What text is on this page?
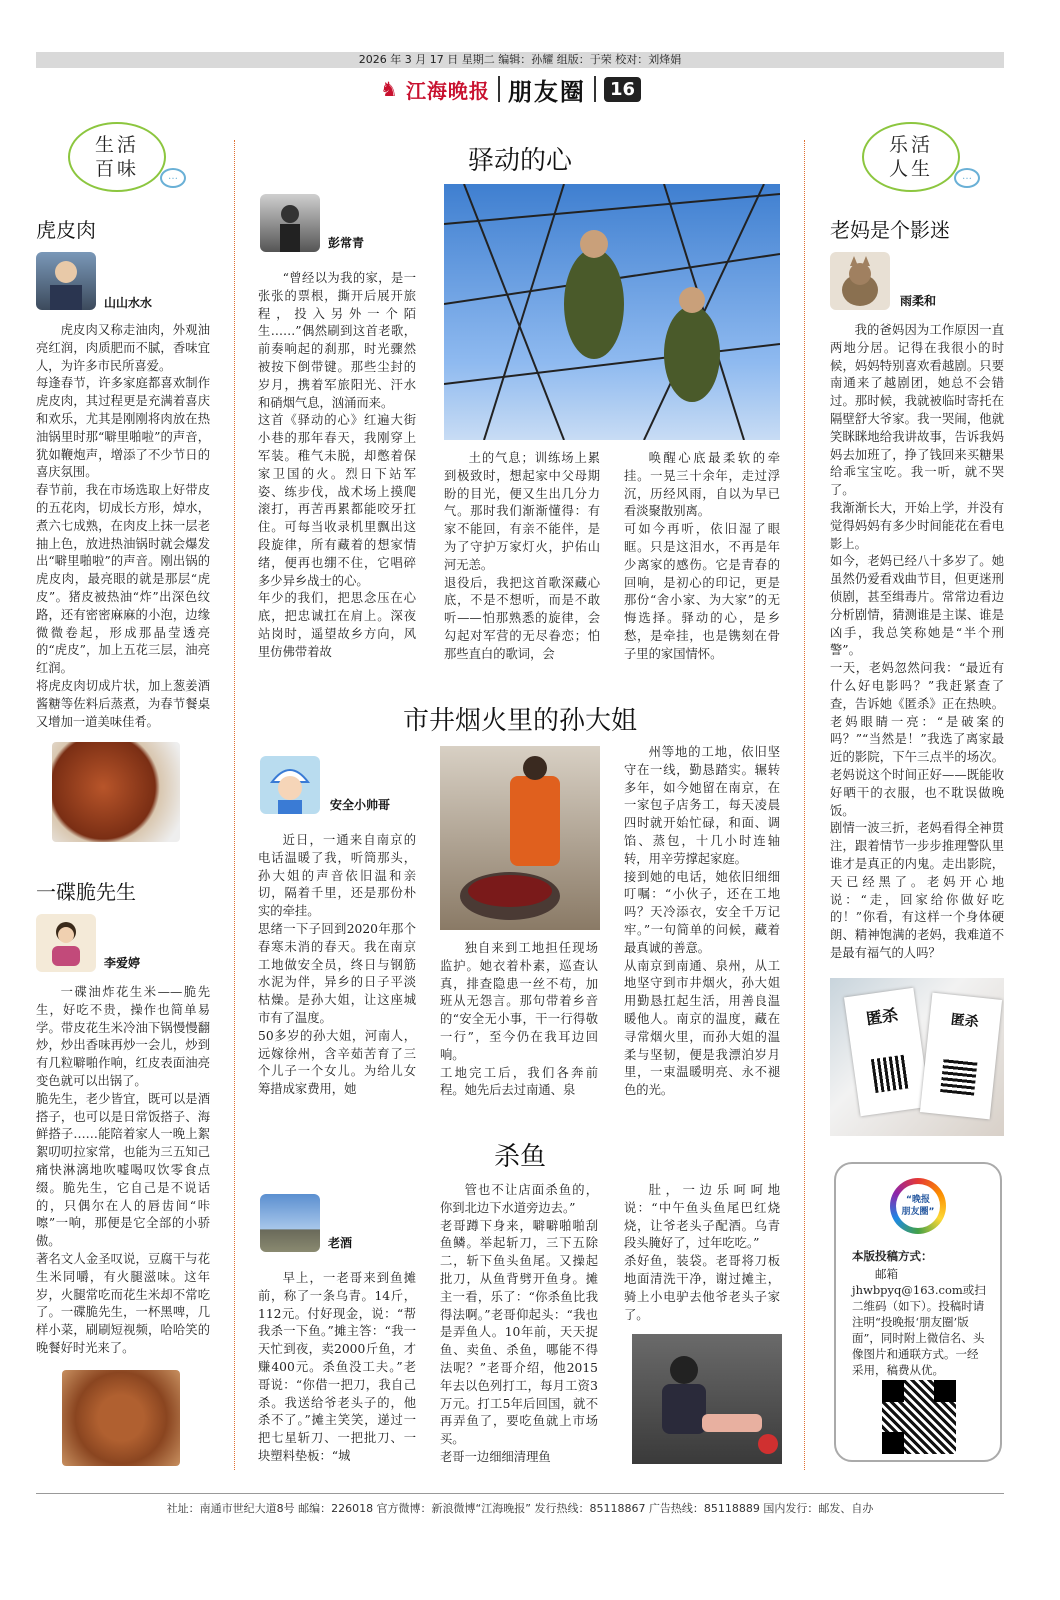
2026 年 3 月 17 日 星期二 编辑：孙耀 组版：于荣 校对：刘烽娟
♞ 江海晚报 朋友圈	16
生活
百味	…
乐活
人生	…
虎皮肉
山山水水
虎皮肉又称走油肉，外观油亮红润，肉质肥而不腻，香味宜人，为许多市民所喜爱。
每逢春节，许多家庭都喜欢制作虎皮肉，其过程更是充满着喜庆和欢乐，尤其是刚刚将肉放在热油锅里时那“噼里啪啦”的声音，犹如鞭炮声，增添了不少节日的喜庆氛围。
春节前，我在市场选取上好带皮的五花肉，切成长方形，焯水，煮六七成熟，在肉皮上抹一层老抽上色，放进热油锅时就会爆发出“噼里啪啦”的声音。刚出锅的虎皮肉，最亮眼的就是那层“虎皮”。猪皮被热油“炸”出深色纹路，还有密密麻麻的小泡，边缘微微卷起，形成那晶莹透亮的“虎皮”，加上五花三层，油亮红润。
将虎皮肉切成片状，加上葱姜酒酱糖等佐料后蒸煮，为春节餐桌又增加一道美味佳肴。
一碟脆先生
李爱婷
一碟油炸花生米——脆先生，好吃不贵，操作也简单易学。带皮花生米冷油下锅慢慢翻炒，炒出香味再炒一会儿，炒到有几粒噼啪作响，红皮表面油亮变色就可以出锅了。
脆先生，老少皆宜，既可以是酒搭子，也可以是日常饭搭子、海鲜搭子……能陪着家人一晚上絮絮叨叨拉家常，也能为三五知己痛快淋漓地吹嘘喝叹饮零食点缀。脆先生，它自己是不说话的，只偶尔在人的唇齿间“咔嚓”一响，那便是它全部的小骄傲。
著名文人金圣叹说，豆腐干与花生米同嚼，有火腿滋味。这年岁，火腿常吃而花生米却不常吃了。一碟脆先生，一杯黑啤，几样小菜，刷刷短视频，哈哈笑的晚餐好时光来了。
驿动的心
彭常青
“曾经以为我的家，是一张张的票根，撕开后展开旅程，投入另外一个陌生……”偶然刷到这首老歌，前奏响起的刹那，时光骤然被按下倒带键。那些尘封的岁月，携着军旅阳光、汗水和硝烟气息，汹涌而来。
这首《驿动的心》红遍大街小巷的那年春天，我刚穿上军装。稚气未脱，却憋着保家卫国的火。烈日下站军姿、练步伐，战术场上摸爬滚打，再苦再累都能咬牙扛住。可每当收录机里飘出这段旋律，所有藏着的想家情绪，便再也绷不住，它唱碎多少异乡战士的心。
年少的我们，把思念压在心底，把忠诚扛在肩上。深夜站岗时，遥望故乡方向，风里仿佛带着故
土的气息；训练场上累到极致时，想起家中父母期盼的目光，便又生出几分力气。那时我们渐渐懂得：有家不能回，有亲不能伴，是为了守护万家灯火，护佑山河无恙。
退役后，我把这首歌深藏心底，不是不想听，而是不敢听——怕那熟悉的旋律，会勾起对军营的无尽眷恋；怕那些直白的歌词，会
唤醒心底最柔软的牵挂。一晃三十余年，走过浮沉，历经风雨，自以为早已看淡聚散别离。
可如今再听，依旧湿了眼眶。只是这泪水，不再是年少离家的感伤。它是青春的回响，是初心的印记，更是那份“舍小家、为大家”的无悔选择。驿动的心，是乡愁，是牵挂，也是镌刻在骨子里的家国情怀。
市井烟火里的孙大姐
安全小帅哥
近日，一通来自南京的电话温暖了我，听筒那头，孙大姐的声音依旧温和亲切，隔着千里，还是那份朴实的牵挂。
思绪一下子回到2020年那个春寒未消的春天。我在南京工地做安全员，终日与钢筋水泥为伴，异乡的日子平淡枯燥。是孙大姐，让这座城市有了温度。
50多岁的孙大姐，河南人，远嫁徐州，含辛茹苦育了三个儿子一个女儿。为给儿女筹措成家费用，她
独自来到工地担任现场监护。她衣着朴素，巡查认真，排查隐患一丝不苟，加班从无怨言。那句带着乡音的“安全无小事，干一行得敬一行”，至今仍在我耳边回响。
工地完工后，我们各奔前程。她先后去过南通、泉
州等地的工地，依旧坚守在一线，勤恳踏实。辗转多年，如今她留在南京，在一家包子店务工，每天凌晨四时就开始忙碌，和面、调馅、蒸包，十几小时连轴转，用辛劳撑起家庭。
接到她的电话，她依旧细细叮嘱：“小伙子，还在工地吗？天冷添衣，安全千万记牢。”一句简单的问候，藏着最真诚的善意。
从南京到南通、泉州，从工地坚守到市井烟火，孙大姐用勤恳扛起生活，用善良温暖他人。南京的温度，藏在寻常烟火里，而孙大姐的温柔与坚韧，便是我漂泊岁月里，一束温暖明亮、永不褪色的光。
杀鱼
老酒
早上，一老哥来到鱼摊前，称了一条乌青。14斤，112元。付好现金，说：“帮我杀一下鱼。”摊主答：“我一天忙到夜，卖2000斤鱼，才赚400元。杀鱼没工夫。”老哥说：“你借一把刀，我自己杀。我送给爷老头子的，他杀不了。”摊主笑笑，递过一把七星斩刀、一把批刀、一块塑料垫板：“城
管也不让店面杀鱼的，你到北边下水道旁边去。”
老哥蹲下身来，噼噼啪啪刮鱼鳞。举起斩刀，三下五除二，斩下鱼头鱼尾。又操起批刀，从鱼背劈开鱼身。摊主一看，乐了：“你杀鱼比我得法啊。”老哥仰起头：“我也是弄鱼人。10年前，天天捉鱼、卖鱼、杀鱼，哪能不得法呢？”老哥介绍，他2015年去以色列打工，每月工资3万元。打工5年后回国，就不再弄鱼了，要吃鱼就上市场买。
老哥一边细细清理鱼
肚，一边乐呵呵地说：“中午鱼头鱼尾巴红烧烧，让爷老头子配酒。乌青段头腌好了，过年吃吃。”
杀好鱼，装袋。老哥将刀板地面清洗干净，谢过摊主，骑上小电驴去他爷老头子家了。
老妈是个影迷
雨柔和
我的爸妈因为工作原因一直两地分居。记得在我很小的时候，妈妈特别喜欢看越剧。只要南通来了越剧团，她总不会错过。那时候，我就被临时寄托在隔壁舒大爷家。我一哭闹，他就笑眯眯地给我讲故事，告诉我妈妈去加班了，挣了钱回来买糖果给乖宝宝吃。我一听，就不哭了。
我渐渐长大，开始上学，并没有觉得妈妈有多少时间能花在看电影上。
如今，老妈已经八十多岁了。她虽然仍爱看戏曲节目，但更迷刑侦剧，甚至缉毒片。常常边看边分析剧情，猜测谁是主谋、谁是凶手，我总笑称她是“半个刑警”。
一天，老妈忽然问我：“最近有什么好电影吗？”我赶紧查了查，告诉她《匿杀》正在热映。老妈眼睛一亮：“是破案的吗？”“当然是！”我选了离家最近的影院，下午三点半的场次。老妈说这个时间正好——既能收好晒干的衣服，也不耽误做晚饭。
剧情一波三折，老妈看得全神贯注，跟着情节一步步推理警队里谁才是真正的内鬼。走出影院，天已经黑了。老妈开心地说：“走，回家给你做好吃的！”你看，有这样一个身体硬朗、精神饱满的老妈，我难道不是最有福气的人吗？
匿杀	匿杀
“晚报
朋友圈”
本版投稿方式：
邮箱 jhwbpyq@163.com或扫二维码（如下）。投稿时请注明“投晚报‘朋友圈’版面”，同时附上微信名、头像图片和通联方式。一经采用，稿费从优。
社址：南通市世纪大道8号 邮编：226018 官方微博：新浪微博“江海晚报” 发行热线：85118867 广告热线：85118889 国内发行：邮发、自办
